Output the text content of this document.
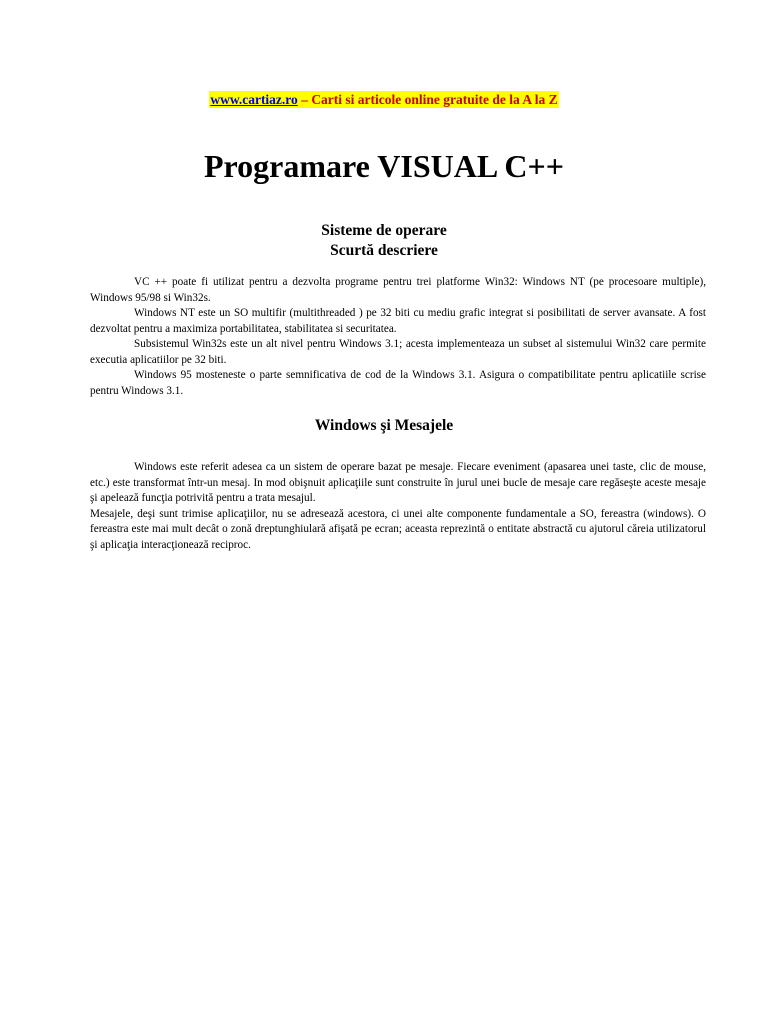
www.cartiaz.ro – Carti si articole online gratuite de la A la Z
Programare VISUAL C++
Sisteme de operare
Scurtă descriere

VC ++ poate fi utilizat pentru a dezvolta programe pentru trei platforme Win32: Windows NT (pe procesoare multiple), Windows 95/98 si Win32s.

Windows NT este un SO multifir (multithreaded ) pe 32 biti cu mediu grafic integrat si posibilitati de server avansate. A fost dezvoltat pentru a maximiza portabilitatea, stabilitatea si securitatea.

Subsistemul Win32s este un alt nivel pentru Windows 3.1; acesta implementeaza un subset al sistemului Win32 care permite executia aplicatiilor pe 32 biti.

Windows 95 mosteneste o parte semnificativa de cod de la Windows 3.1. Asigura o compatibilitate pentru aplicatiile scrise pentru Windows 3.1.

Windows şi Mesajele

Windows este referit adesea ca un sistem de operare bazat pe mesaje. Fiecare eveniment (apasarea unei taste, clic de mouse, etc.) este transformat într-un mesaj. In mod obişnuit aplicaţiile sunt construite în jurul unei bucle de mesaje care regăseşte aceste mesaje şi apelează funcţia potrivită pentru a trata mesajul.

Mesajele, deşi sunt trimise aplicaţiilor, nu se adresează acestora, ci unei alte componente fundamentale a SO, fereastra (windows). O fereastra este mai mult decât o zonă dreptunghiulară afişată pe ecran; aceasta reprezintă o entitate abstractă cu ajutorul căreia utilizatorul şi aplicaţia interacţionează reciproc.
